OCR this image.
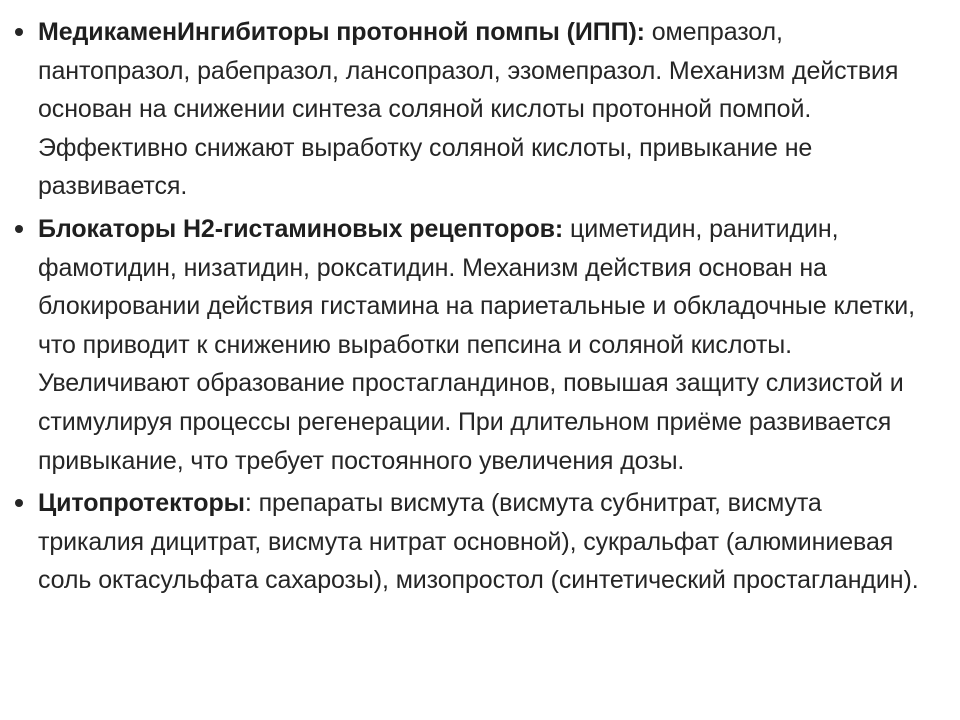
МедикаменИнгибиторы протонной помпы (ИПП): омепразол, пантопразол, рабепразол, лансопразол, эзомепразол. Механизм действия основан на снижении синтеза соляной кислоты протонной помпой. Эффективно снижают выработку соляной кислоты, привыкание не развивается.
Блокаторы Н2-гистаминовых рецепторов: циметидин, ранитидин, фамотидин, низатидин, роксатидин. Механизм действия основан на блокировании действия гистамина на париетальные и обкладочные клетки, что приводит к снижению выработки пепсина и соляной кислоты. Увеличивают образование простагландинов, повышая защиту слизистой и стимулируя процессы регенерации. При длительном приёме развивается привыкание, что требует постоянного увеличения дозы.
Цитопротекторы: препараты висмута (висмута субнитрат, висмута трикалия дицитрат, висмута нитрат основной), сукральфат (алюминиевая соль октасульфата сахарозы), мизопростол (синтетический простагландин).
